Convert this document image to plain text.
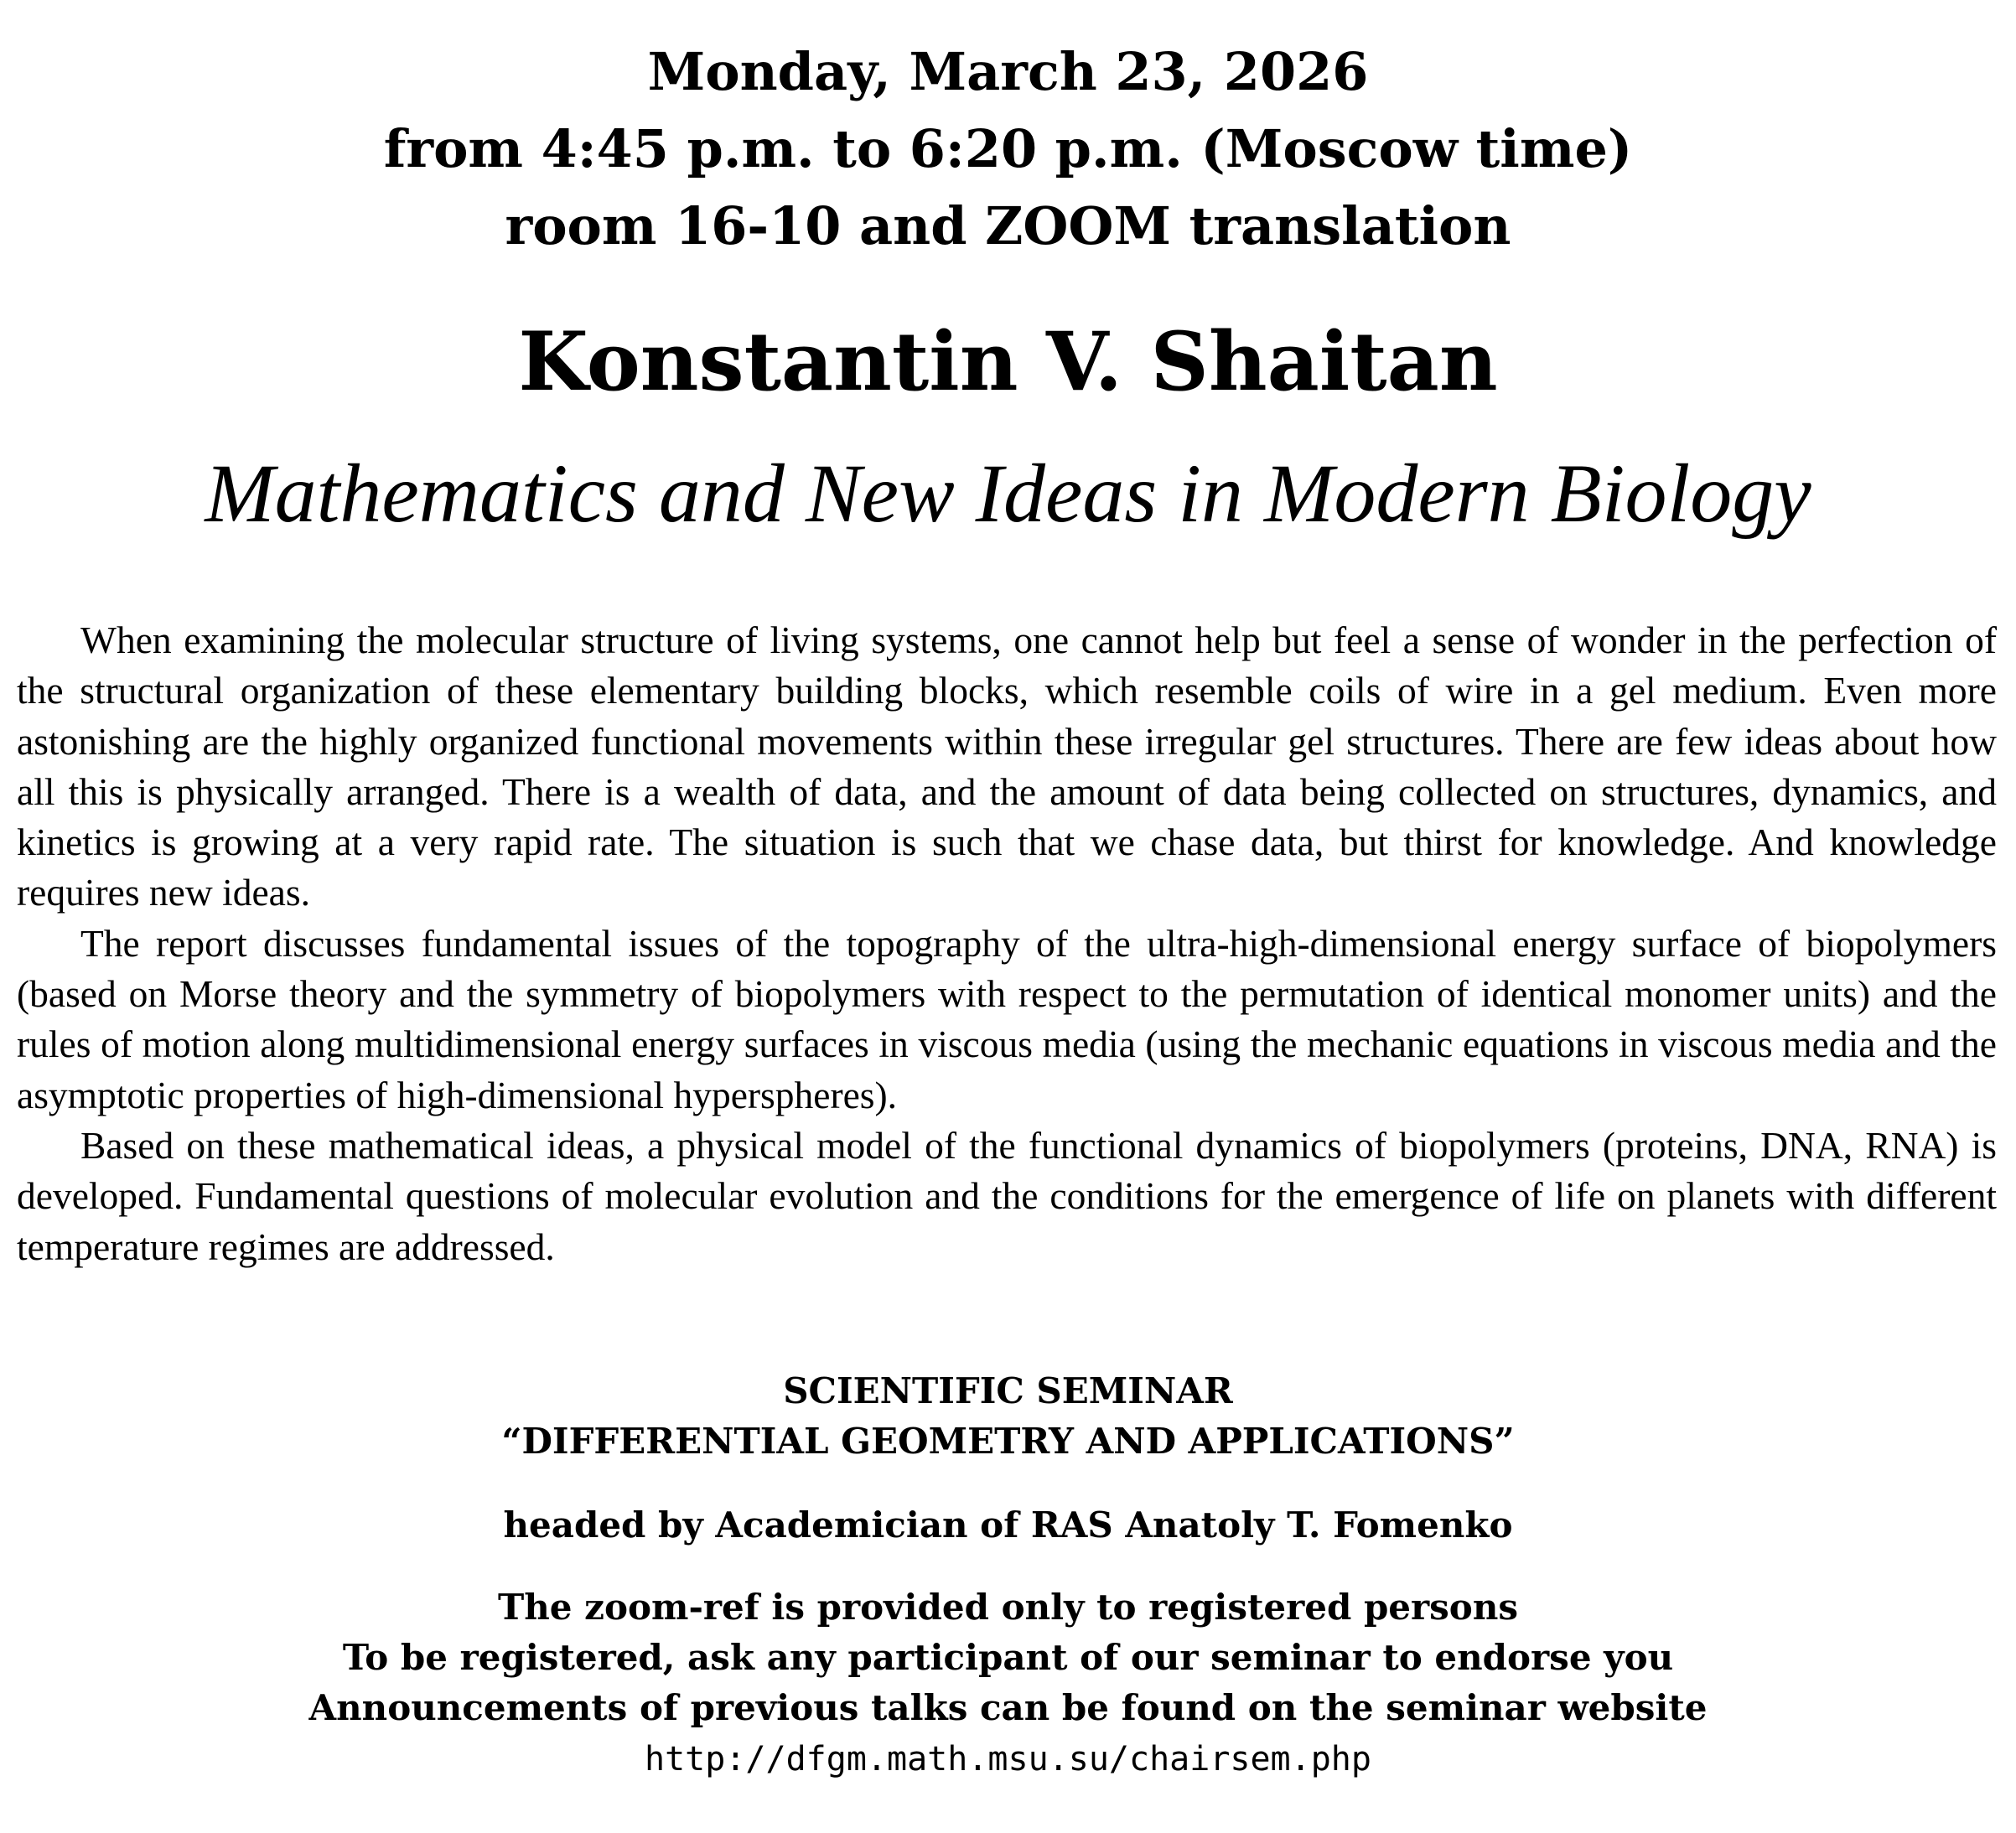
Monday, March 23, 2026
from 4:45 p.m. to 6:20 p.m. (Moscow time)
room 16-10 and ZOOM translation
Konstantin V. Shaitan
Mathematics and New Ideas in Modern Biology

When examining the molecular structure of living systems, one cannot help but feel a sense of wonder in the perfection of the structural organization of these elementary building blocks, which resemble coils of wire in a gel medium. Even more astonishing are the highly organized functional movements within these irregular gel structures. There are few ideas about how all this is physically arranged. There is a wealth of data, and the amount of data being collected on structures, dynamics, and kinetics is growing at a very rapid rate. The situation is such that we chase data, but thirst for knowledge. And knowledge requires new ideas.

The report discusses fundamental issues of the topography of the ultra-high-dimensional energy surface of biopolymers (based on Morse theory and the symmetry of biopolymers with respect to the permutation of identical monomer units) and the rules of motion along multidimensional energy surfaces in viscous media (using the mechanic equations in viscous media and the asymptotic properties of high-dimensional hyperspheres).

Based on these mathematical ideas, a physical model of the functional dynamics of biopolymers (proteins, DNA, RNA) is developed. Fundamental questions of molecular evolution and the conditions for the emergence of life on planets with different temperature regimes are addressed.

SCIENTIFIC SEMINAR
“DIFFERENTIAL GEOMETRY AND APPLICATIONS”
headed by Academician of RAS Anatoly T. Fomenko
The zoom-ref is provided only to registered persons
To be registered, ask any participant of our seminar to endorse you
Announcements of previous talks can be found on the seminar website
http://dfgm.math.msu.su/chairsem.php
